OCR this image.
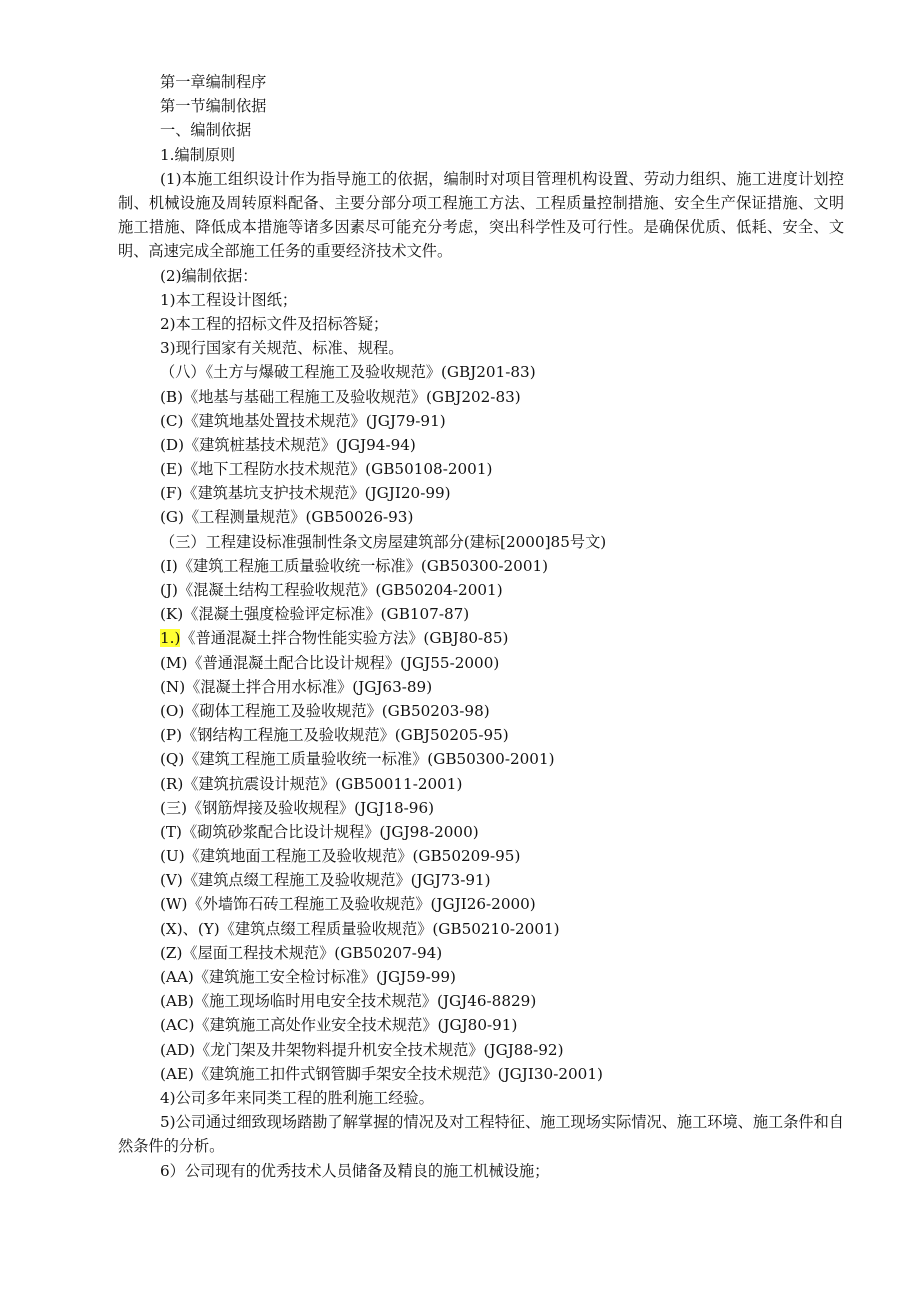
第一章编制程序
第一节编制依据
一、编制依据
1.编制原则

(1)本施工组织设计作为指导施工的依据，编制时对项目管理机构设置、劳动力组织、施工进度计划控制、机械设施及周转原料配备、主要分部分项工程施工方法、工程质量控制措施、安全生产保证措施、文明施工措施、降低成本措施等诸多因素尽可能充分考虑，突出科学性及可行性。是确保优质、低耗、安全、文明、高速完成全部施工任务的重要经济技术文件。

(2)编制依据：
1)本工程设计图纸；
2)本工程的招标文件及招标答疑；
3)现行国家有关规范、标准、规程。
（八）《土方与爆破工程施工及验收规范》(GBJ201-83)
(B)《地基与基础工程施工及验收规范》(GBJ202-83)
(C)《建筑地基处置技术规范》(JGJ79-91)
(D)《建筑桩基技术规范》(JGJ94-94)
(E)《地下工程防水技术规范》(GB50108-2001)
(F)《建筑基坑支护技术规范》(JGJI20-99)
(G)《工程测量规范》(GB50026-93)
（三）工程建设标准强制性条文房屋建筑部分(建标[2000]85号文)
(I)《建筑工程施工质量验收统一标准》(GB50300-2001)
(J)《混凝土结构工程验收规范》(GB50204-2001)
(K)《混凝土强度检验评定标准》(GB107-87)
1.)《普通混凝土拌合物性能实验方法》(GBJ80-85)
(M)《普通混凝土配合比设计规程》(JGJ55-2000)
(N)《混凝土拌合用水标准》(JGJ63-89)
(O)《砌体工程施工及验收规范》(GB50203-98)
(P)《钢结构工程施工及验收规范》(GBJ50205-95)
(Q)《建筑工程施工质量验收统一标准》(GB50300-2001)
(R)《建筑抗震设计规范》(GB50011-2001)
(三)《钢筋焊接及验收规程》(JGJ18-96)
(T)《砌筑砂浆配合比设计规程》(JGJ98-2000)
(U)《建筑地面工程施工及验收规范》(GB50209-95)
(V)《建筑点缀工程施工及验收规范》(JGJ73-91)
(W)《外墙饰石砖工程施工及验收规范》(JGJI26-2000)
(X)、(Y)《建筑点缀工程质量验收规范》(GB50210-2001)
(Z)《屋面工程技术规范》(GB50207-94)
(AA)《建筑施工安全检讨标准》(JGJ59-99)
(AB)《施工现场临时用电安全技术规范》(JGJ46-8829)
(AC)《建筑施工高处作业安全技术规范》(JGJ80-91)
(AD)《龙门架及井架物料提升机安全技术规范》(JGJ88-92)
(AE)《建筑施工扣件式钢管脚手架安全技术规范》(JGJI30-2001)
4)公司多年来同类工程的胜利施工经验。

5)公司通过细致现场踏勘了解掌握的情况及对工程特征、施工现场实际情况、施工环境、施工条件和自然条件的分析。

6）公司现有的优秀技术人员储备及精良的施工机械设施；
